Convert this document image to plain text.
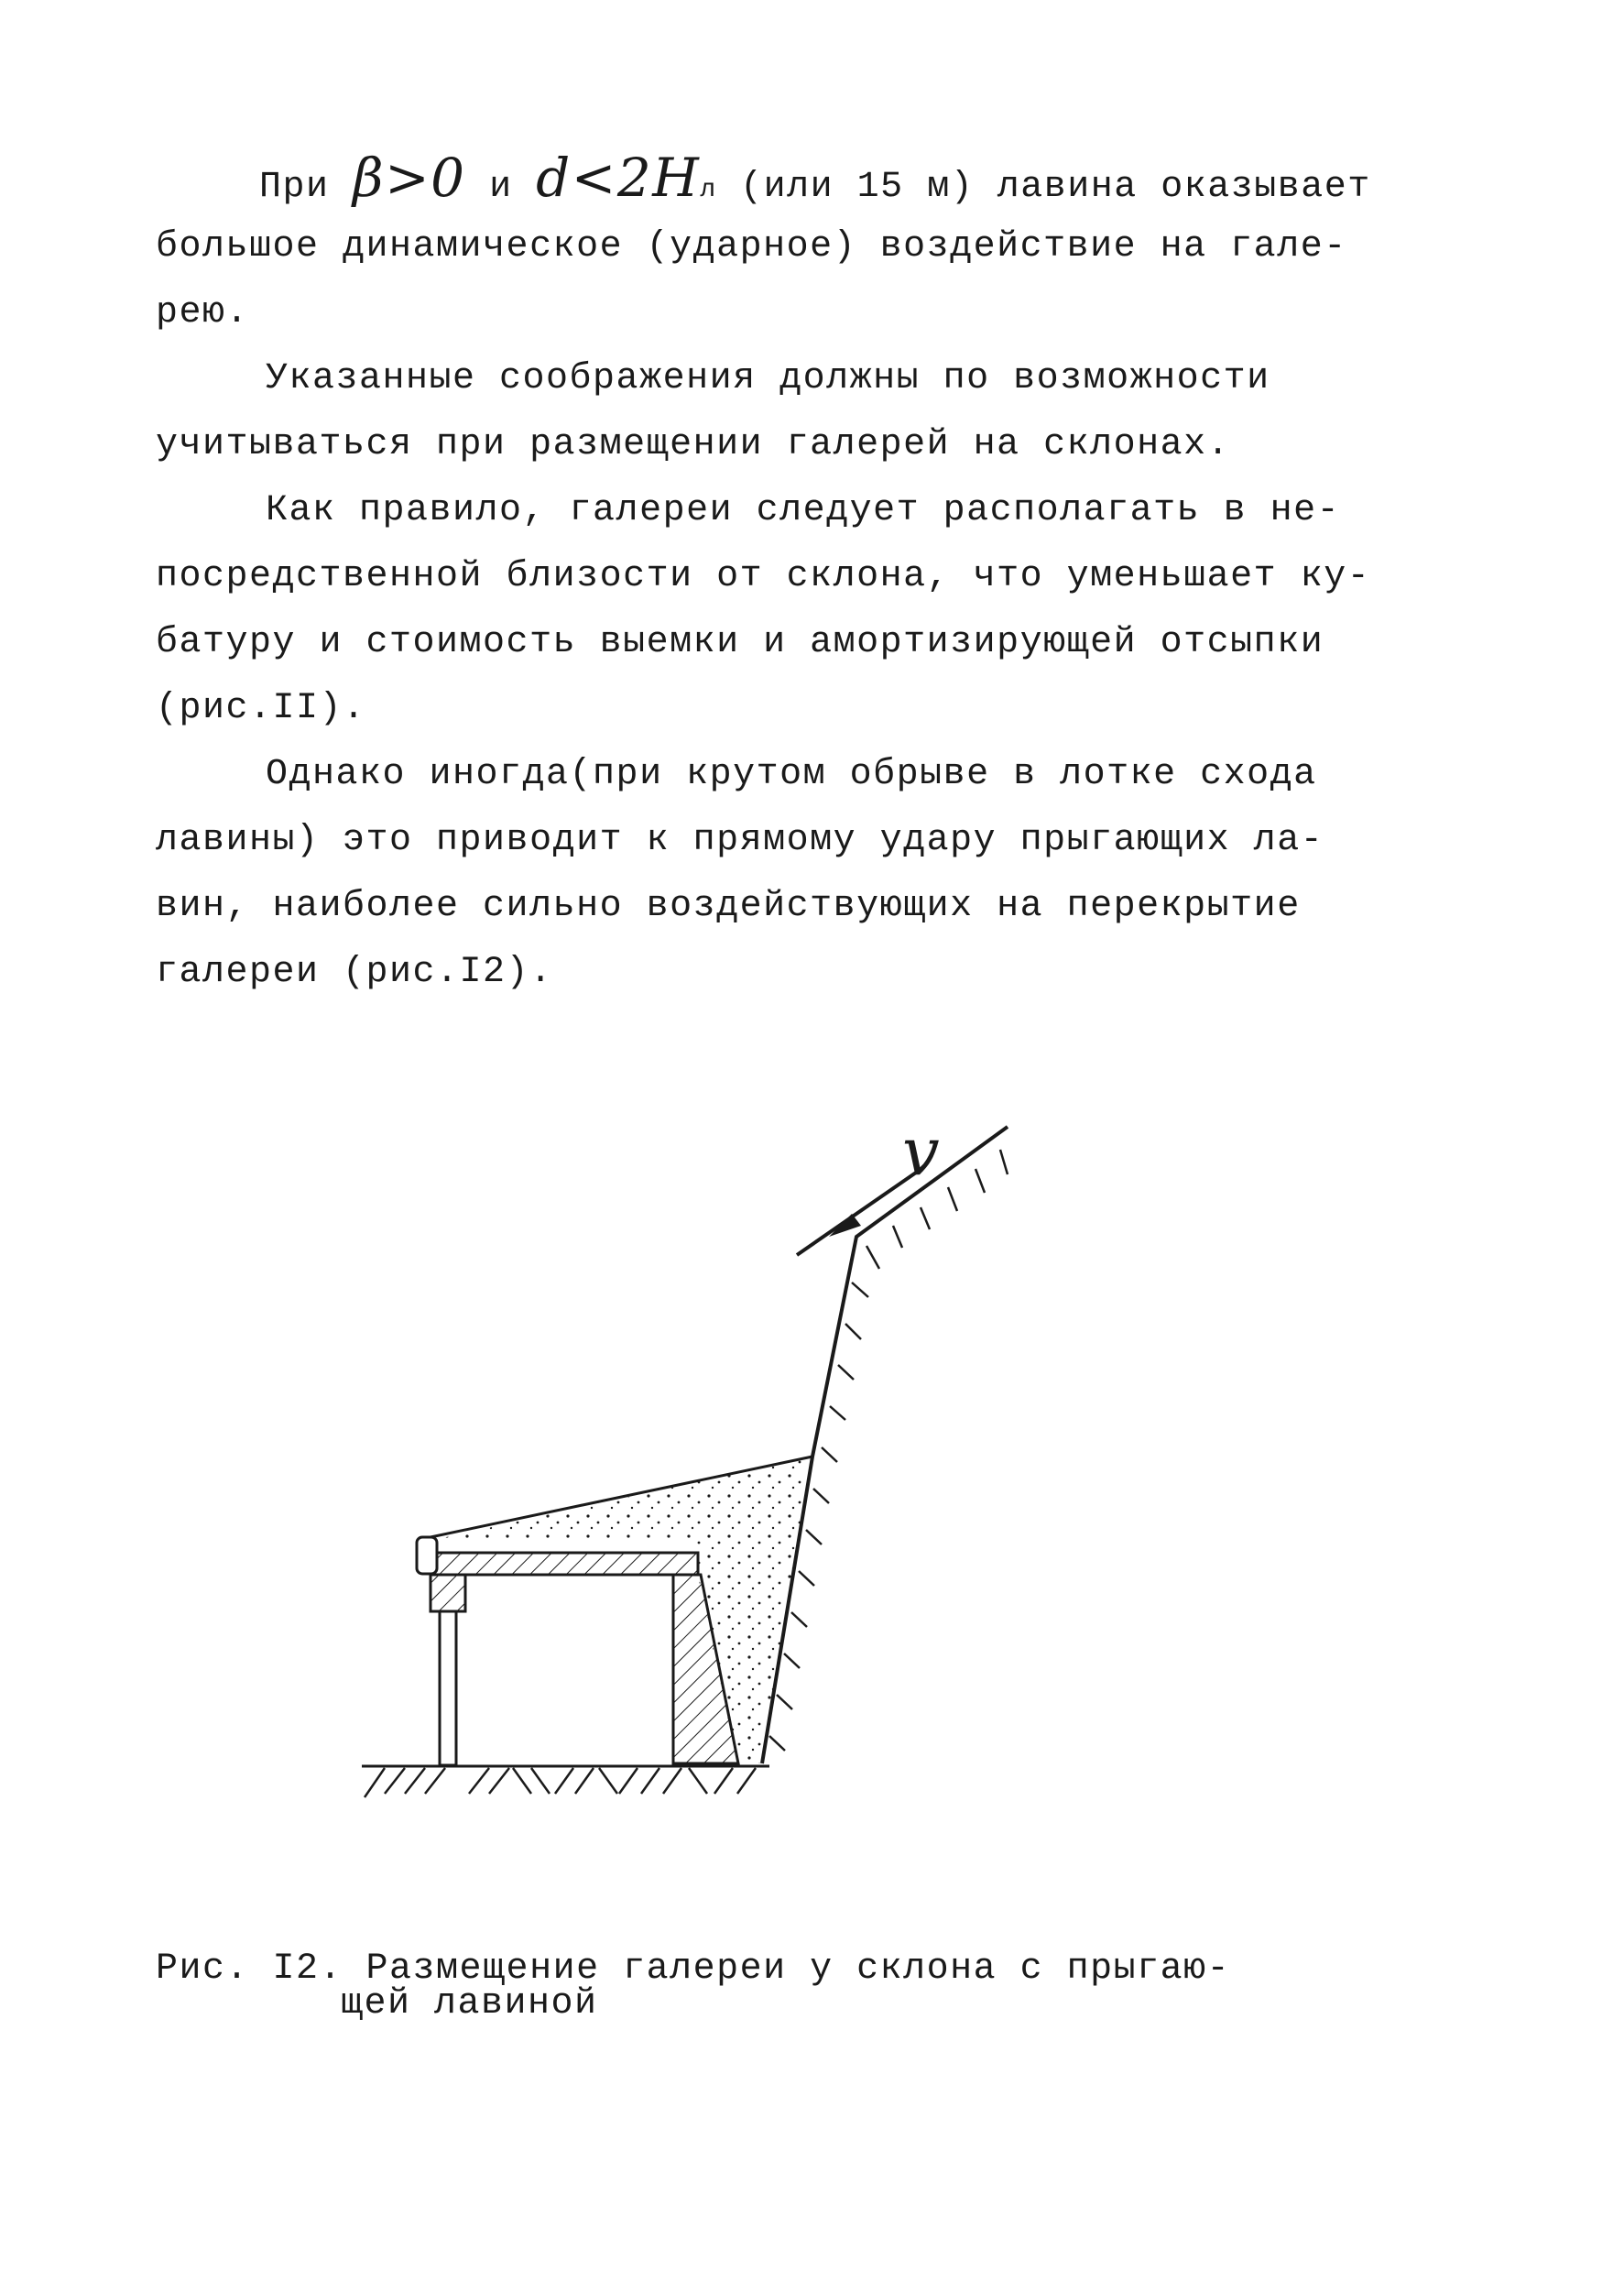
При β>0 и d<2Hл (или 15 м) лавина оказывает
большое динамическое (ударное) воздействие на гале-
рею.
Указанные соображения должны по возможности
учитываться при размещении галерей на склонах.
Как правило, галереи следует располагать в не-
посредственной близости от склона, что уменьшает ку-
батуру и стоимость выемки и амортизирующей отсыпки
(рис.II).
Однако иногда(при крутом обрыве в лотке схода
лавины) это приводит к прямому удару прыгающих ла-
вин, наиболее сильно воздействующих на перекрытие
галереи (рис.I2).
v
Рис. I2. Размещение галереи у склона с прыгаю-
щей лавиной
